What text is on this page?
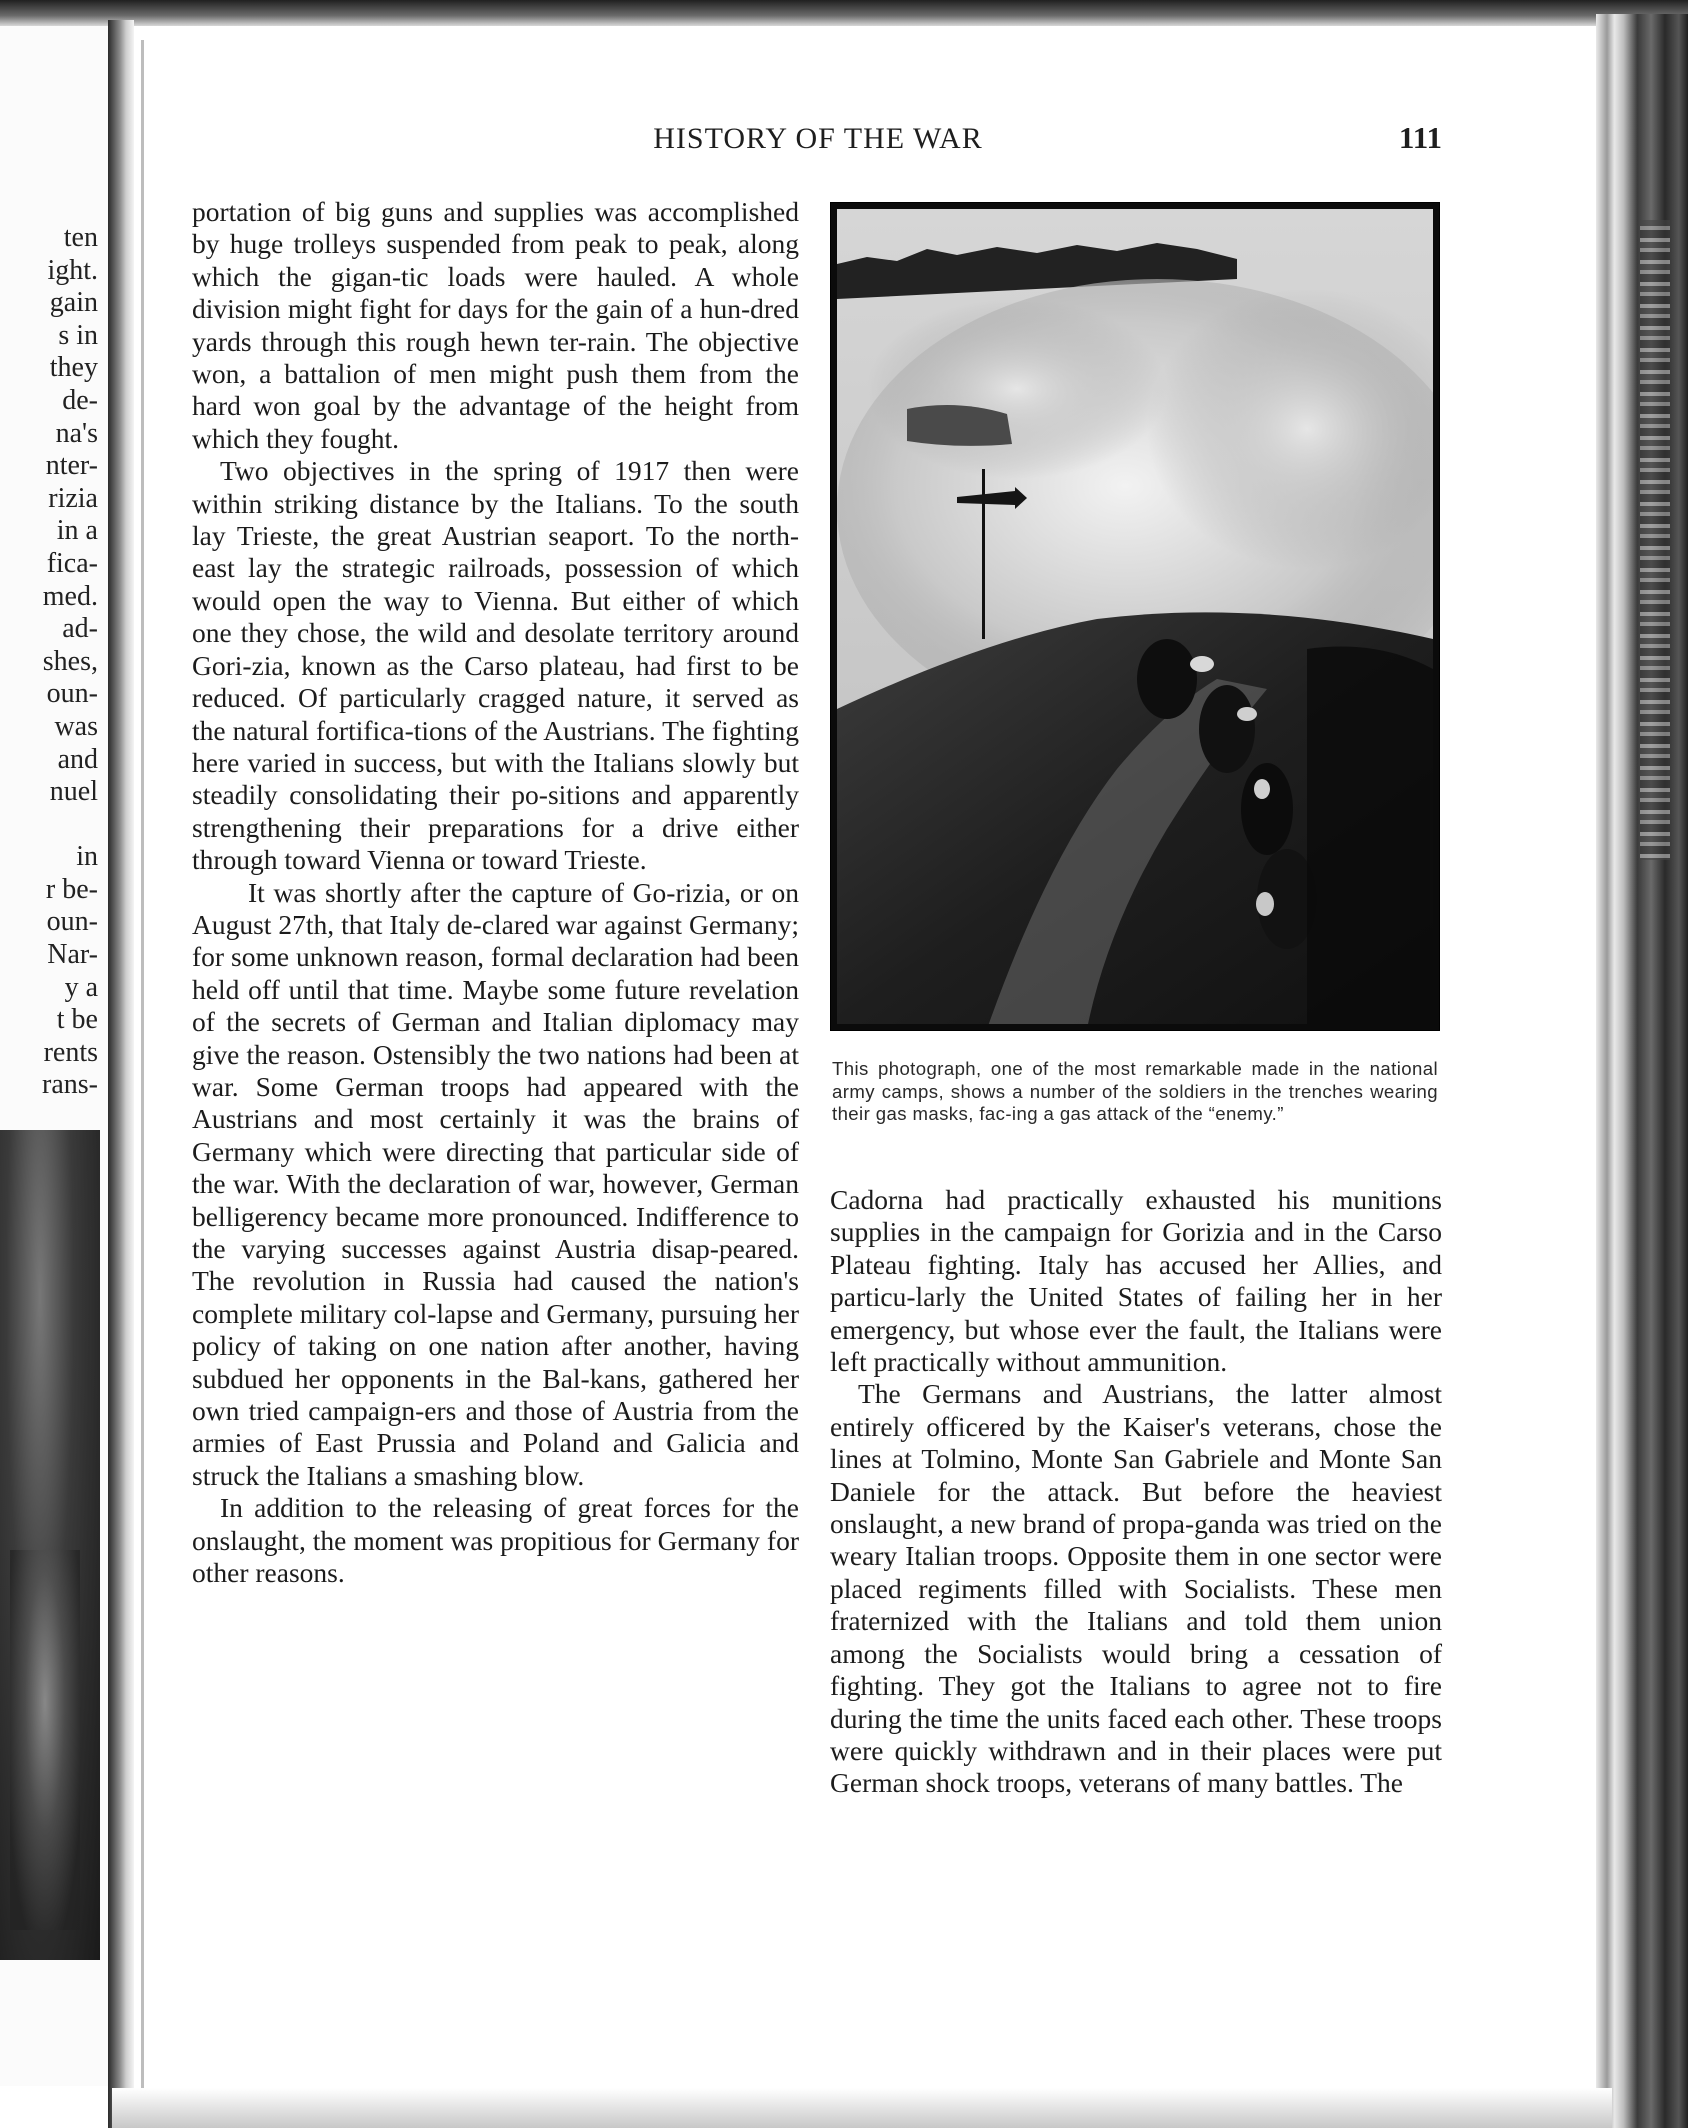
ten
ight.
gain
s in
they
de-
na's
nter-
rizia
in a
fica-
med.
ad-
shes,
oun-
was
and
nuel

in
r be-
oun-
Nar-
y a
t be
rents
rans-
HISTORY OF THE WAR	111

portation of big guns and supplies was accomplished by huge trolleys suspended from peak to peak, along which the gigan-tic loads were hauled. A whole division might fight for days for the gain of a hun-dred yards through this rough hewn ter-rain. The objective won, a battalion of men might push them from the hard won goal by the advantage of the height from which they fought.

Two objectives in the spring of 1917 then were within striking distance by the Italians. To the south lay Trieste, the great Austrian seaport. To the north-east lay the strategic railroads, possession of which would open the way to Vienna. But either of which one they chose, the wild and desolate territory around Gori-zia, known as the Carso plateau, had first to be reduced. Of particularly cragged nature, it served as the natural fortifica-tions of the Austrians. The fighting here varied in success, but with the Italians slowly but steadily consolidating their po-sitions and apparently strengthening their preparations for a drive either through toward Vienna or toward Trieste.

It was shortly after the capture of Go-rizia, or on August 27th, that Italy de-clared war against Germany; for some unknown reason, formal declaration had been held off until that time. Maybe some future revelation of the secrets of German and Italian diplomacy may give the reason. Ostensibly the two nations had been at war. Some German troops had appeared with the Austrians and most certainly it was the brains of Germany which were directing that particular side of the war. With the declaration of war, however, German belligerency became more pronounced. Indifference to the varying successes against Austria disap-peared. The revolution in Russia had caused the nation's complete military col-lapse and Germany, pursuing her policy of taking on one nation after another, having subdued her opponents in the Bal-kans, gathered her own tried campaign-ers and those of Austria from the armies of East Prussia and Poland and Galicia and struck the Italians a smashing blow.

In addition to the releasing of great forces for the onslaught, the moment was propitious for Germany for other reasons.

This photograph, one of the most remarkable made in the national army camps, shows a number of the soldiers in the trenches wearing their gas masks, fac-ing a gas attack of the “enemy.”

Cadorna had practically exhausted his munitions supplies in the campaign for Gorizia and in the Carso Plateau fighting. Italy has accused her Allies, and particu-larly the United States of failing her in her emergency, but whose ever the fault, the Italians were left practically without ammunition.

The Germans and Austrians, the latter almost entirely officered by the Kaiser's veterans, chose the lines at Tolmino, Monte San Gabriele and Monte San Daniele for the attack. But before the heaviest onslaught, a new brand of propa-ganda was tried on the weary Italian troops. Opposite them in one sector were placed regiments filled with Socialists. These men fraternized with the Italians and told them union among the Socialists would bring a cessation of fighting. They got the Italians to agree not to fire during the time the units faced each other. These troops were quickly withdrawn and in their places were put German shock troops, veterans of many battles. The
